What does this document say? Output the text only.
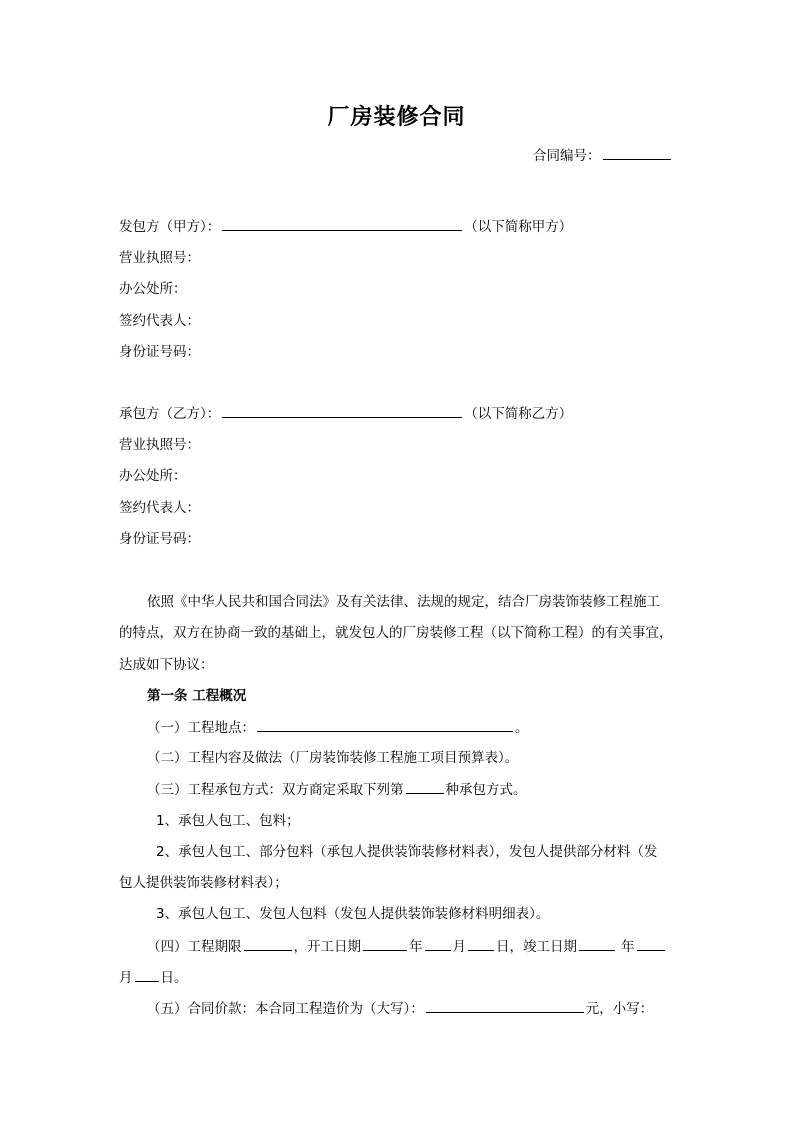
厂房装修合同
合同编号：
发包方（甲方）：	（以下简称甲方）
营业执照号：
办公处所：
签约代表人：
身份证号码：
承包方（乙方）：	（以下简称乙方）
营业执照号：
办公处所：
签约代表人：
身份证号码：
依照《中华人民共和国合同法》及有关法律、法规的规定，结合厂房装饰装修工程施工
的特点，双方在协商一致的基础上，就发包人的厂房装修工程（以下简称工程）的有关事宜，
达成如下协议：
第一条 工程概况
（一）工程地点：	。
（二）工程内容及做法（厂房装饰装修工程施工项目预算表）。
（三）工程承包方式：双方商定采取下列第	种承包方式。
1、承包人包工、包料；
2、承包人包工、部分包料（承包人提供装饰装修材料表），发包人提供部分材料（发
包人提供装饰装修材料表）；
3、承包人包工、发包人包料（发包人提供装饰装修材料明细表）。
（四）工程期限	，开工日期	年 月 日，竣工日期	年
月 日。
（五）合同价款：本合同工程造价为（大写）：	元，小写：
